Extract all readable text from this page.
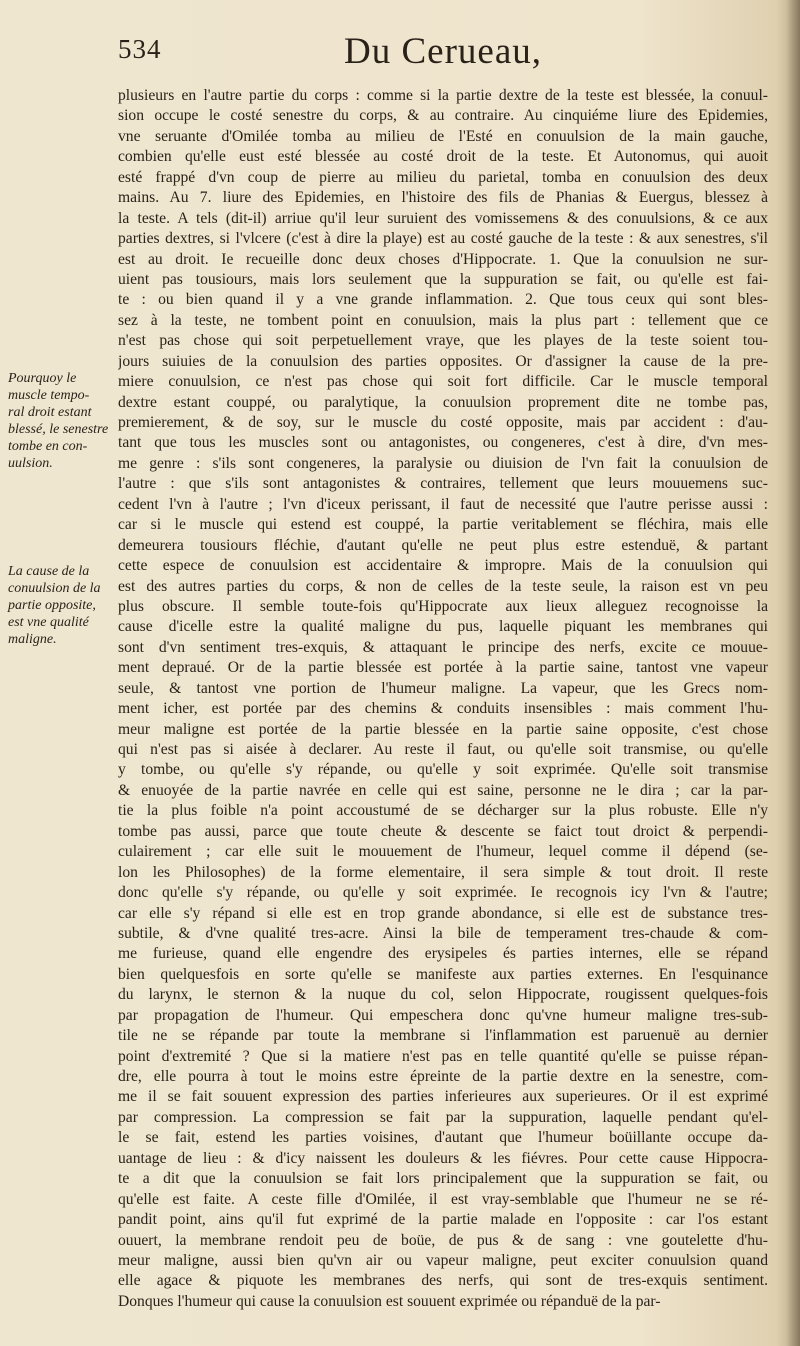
534	Du Cerueau,
Pourquoy le
muscle tempo-
ral droit estant
blessé, le senestre
tombe en con-
uulsion.
La cause de la
conuulsion de la
partie opposite,
est vne qualité
maligne.
plusieurs en l'autre partie du corps : comme si la partie dextre de la teste est blessée, la conuul-
sion occupe le costé senestre du corps, & au contraire. Au cinquiéme liure des Epidemies,
vne seruante d'Omilée tomba au milieu de l'Esté en conuulsion de la main gauche,
combien qu'elle eust esté blessée au costé droit de la teste. Et Autonomus, qui auoit
esté frappé d'vn coup de pierre au milieu du parietal, tomba en conuulsion des deux
mains. Au 7. liure des Epidemies, en l'histoire des fils de Phanias & Euergus, blessez à
la teste. A tels (dit-il) arriue qu'il leur suruient des vomissemens & des conuulsions, & ce aux
parties dextres, si l'vlcere (c'est à dire la playe) est au costé gauche de la teste : & aux senestres, s'il
est au droit. Ie recueille donc deux choses d'Hippocrate. 1. Que la conuulsion ne sur-
uient pas tousiours, mais lors seulement que la suppuration se fait, ou qu'elle est fai-
te : ou bien quand il y a vne grande inflammation. 2. Que tous ceux qui sont bles-
sez à la teste, ne tombent point en conuulsion, mais la plus part : tellement que ce
n'est pas chose qui soit perpetuellement vraye, que les playes de la teste soient tou-
jours suiuies de la conuulsion des parties opposites. Or d'assigner la cause de la pre-
miere conuulsion, ce n'est pas chose qui soit fort difficile. Car le muscle temporal
dextre estant couppé, ou paralytique, la conuulsion proprement dite ne tombe pas,
premierement, & de soy, sur le muscle du costé opposite, mais par accident : d'au-
tant que tous les muscles sont ou antagonistes, ou congeneres, c'est à dire, d'vn mes-
me genre : s'ils sont congeneres, la paralysie ou diuision de l'vn fait la conuulsion de
l'autre : que s'ils sont antagonistes & contraires, tellement que leurs mouuemens suc-
cedent l'vn à l'autre ; l'vn d'iceux perissant, il faut de necessité que l'autre perisse aussi :
car si le muscle qui estend est couppé, la partie veritablement se fléchira, mais elle
demeurera tousiours fléchie, d'autant qu'elle ne peut plus estre estenduë, & partant
cette espece de conuulsion est accidentaire & impropre. Mais de la conuulsion qui
est des autres parties du corps, & non de celles de la teste seule, la raison est vn peu
plus obscure. Il semble toute-fois qu'Hippocrate aux lieux alleguez recognoisse la
cause d'icelle estre la qualité maligne du pus, laquelle piquant les membranes qui
sont d'vn sentiment tres-exquis, & attaquant le principe des nerfs, excite ce mouue-
ment depraué. Or de la partie blessée est portée à la partie saine, tantost vne vapeur
seule, & tantost vne portion de l'humeur maligne. La vapeur, que les Grecs nom-
ment icher, est portée par des chemins & conduits insensibles : mais comment l'hu-
meur maligne est portée de la partie blessée en la partie saine opposite, c'est chose
qui n'est pas si aisée à declarer. Au reste il faut, ou qu'elle soit transmise, ou qu'elle
y tombe, ou qu'elle s'y répande, ou qu'elle y soit exprimée. Qu'elle soit transmise
& enuoyée de la partie navrée en celle qui est saine, personne ne le dira ; car la par-
tie la plus foible n'a point accoustumé de se décharger sur la plus robuste. Elle n'y
tombe pas aussi, parce que toute cheute & descente se faict tout droict & perpendi-
culairement ; car elle suit le mouuement de l'humeur, lequel comme il dépend (se-
lon les Philosophes) de la forme elementaire, il sera simple & tout droit. Il reste
donc qu'elle s'y répande, ou qu'elle y soit exprimée. Ie recognois icy l'vn & l'autre;
car elle s'y répand si elle est en trop grande abondance, si elle est de substance tres-
subtile, & d'vne qualité tres-acre. Ainsi la bile de temperament tres-chaude & com-
me furieuse, quand elle engendre des erysipeles és parties internes, elle se répand
bien quelquesfois en sorte qu'elle se manifeste aux parties externes. En l'esquinance
du larynx, le sternon & la nuque du col, selon Hippocrate, rougissent quelques-fois
par propagation de l'humeur. Qui empeschera donc qu'vne humeur maligne tres-sub-
tile ne se répande par toute la membrane si l'inflammation est paruenuë au dernier
point d'extremité ? Que si la matiere n'est pas en telle quantité qu'elle se puisse répan-
dre, elle pourra à tout le moins estre épreinte de la partie dextre en la senestre, com-
me il se fait souuent expression des parties inferieures aux superieures. Or il est exprimé
par compression. La compression se fait par la suppuration, laquelle pendant qu'el-
le se fait, estend les parties voisines, d'autant que l'humeur boüillante occupe da-
uantage de lieu : & d'icy naissent les douleurs & les fiévres. Pour cette cause Hippocra-
te a dit que la conuulsion se fait lors principalement que la suppuration se fait, ou
qu'elle est faite. A ceste fille d'Omilée, il est vray-semblable que l'humeur ne se ré-
pandit point, ains qu'il fut exprimé de la partie malade en l'opposite : car l'os estant
ouuert, la membrane rendoit peu de boüe, de pus & de sang : vne goutelette d'hu-
meur maligne, aussi bien qu'vn air ou vapeur maligne, peut exciter conuulsion quand
elle agace & piquote les membranes des nerfs, qui sont de tres-exquis sentiment.
Donques l'humeur qui cause la conuulsion est souuent exprimée ou répanduë de la par-
